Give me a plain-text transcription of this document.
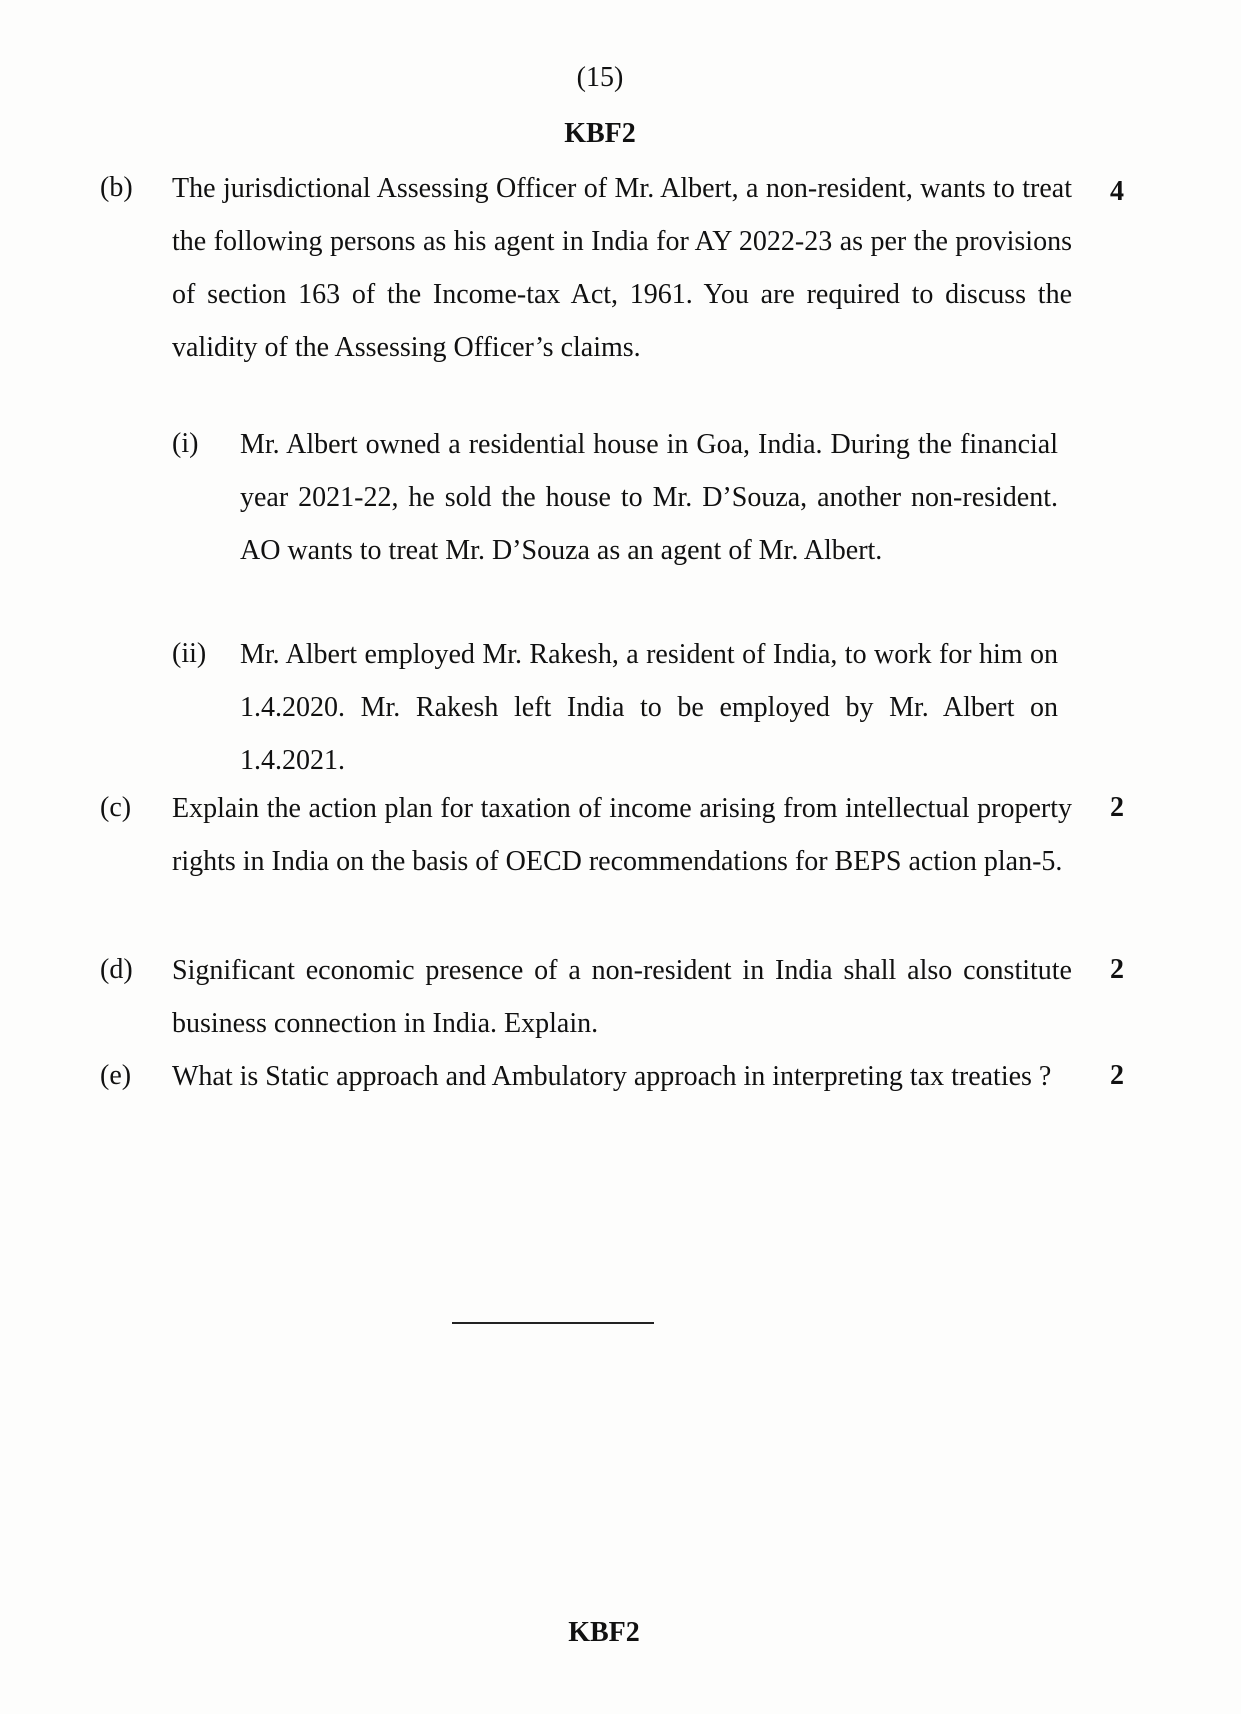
(15)
KBF2
(b) The jurisdictional Assessing Officer of Mr. Albert, a non-resident, wants to treat the following persons as his agent in India for AY 2022-23 as per the provisions of section 163 of the Income-tax Act, 1961. You are required to discuss the validity of the Assessing Officer’s claims.

4
(i) Mr. Albert owned a residential house in Goa, India. During the financial year 2021-22, he sold the house to Mr. D’Souza, another non-resident. AO wants to treat Mr. D’Souza as an agent of Mr. Albert.

(ii) Mr. Albert employed Mr. Rakesh, a resident of India, to work for him on 1.4.2020. Mr. Rakesh left India to be employed by Mr. Albert on 1.4.2021.

(c) Explain the action plan for taxation of income arising from intellectual property rights in India on the basis of OECD recommendations for BEPS action plan-5.

2
(d) Significant economic presence of a non-resident in India shall also constitute business connection in India. Explain.

2
(e) What is Static approach and Ambulatory approach in interpreting tax treaties ?	2
KBF2
